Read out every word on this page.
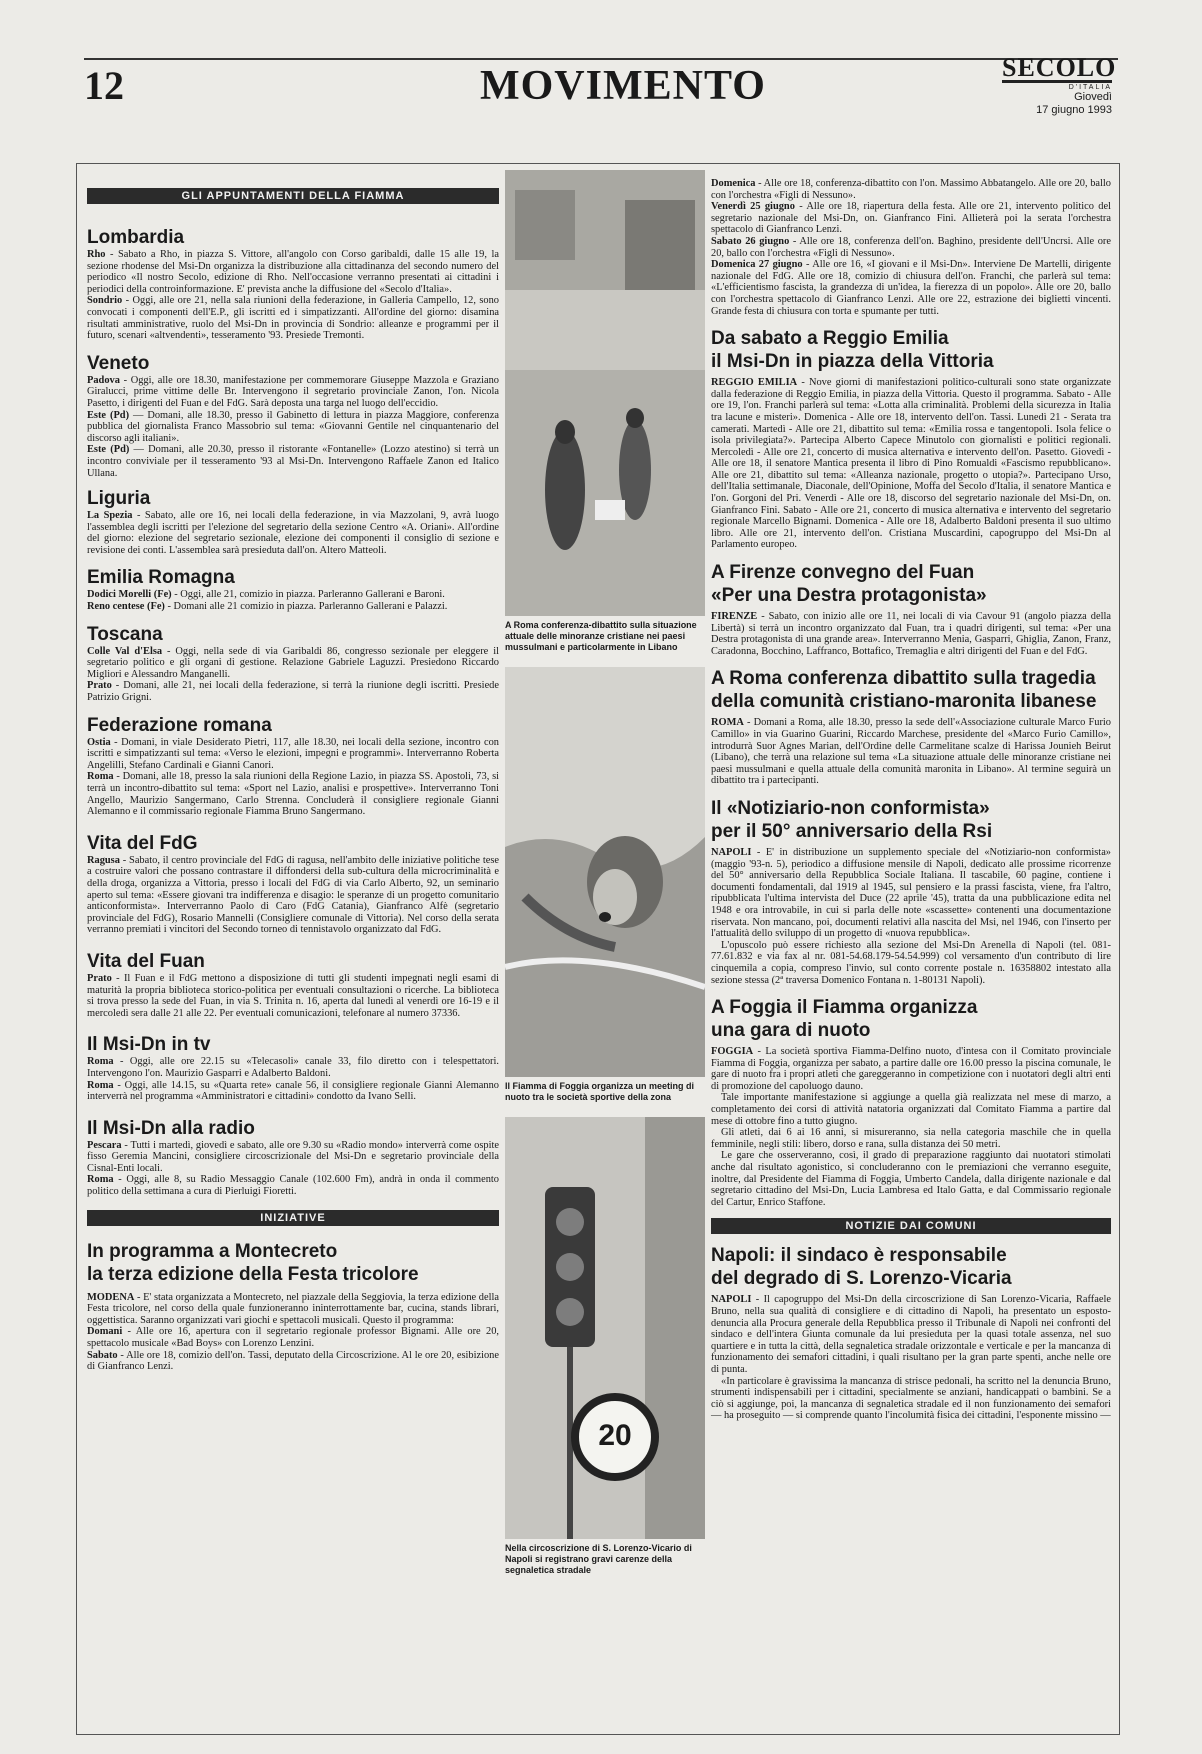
12	MOVIMENTO	SECOLO
D'ITALIA
Giovedì
17 giugno 1993
GLI APPUNTAMENTI DELLA FIAMMA
Lombardia

Rho - Sabato a Rho, in piazza S. Vittore, all'angolo con Corso garibaldi, dalle 15 alle 19, la sezione rhodense del Msi-Dn organizza la distribuzione alla cittadinanza del secondo numero del periodico «Il nostro Secolo, edizione di Rho. Nell'occasione verranno presentati ai cittadini i periodici della controinformazione. E' prevista anche la diffusione del «Secolo d'Italia».

Sondrio - Oggi, alle ore 21, nella sala riunioni della federazione, in Galleria Campello, 12, sono convocati i componenti dell'E.P., gli iscritti ed i simpatizzanti. All'ordine del giorno: disamina risultati amministrative, ruolo del Msi-Dn in provincia di Sondrio: alleanze e programmi per il futuro, scenari «altvendenti», tesseramento '93. Presiede Tremonti.

Veneto

Padova - Oggi, alle ore 18.30, manifestazione per commemorare Giuseppe Mazzola e Graziano Giralucci, prime vittime delle Br. Intervengono il segretario provinciale Zanon, l'on. Nicola Pasetto, i dirigenti del Fuan e del FdG. Sarà deposta una targa nel luogo dell'eccidio.

Este (Pd) — Domani, alle 18.30, presso il Gabinetto di lettura in piazza Maggiore, conferenza pubblica del giornalista Franco Massobrio sul tema: «Giovanni Gentile nel cinquantenario del discorso agli italiani».

Este (Pd) — Domani, alle 20.30, presso il ristorante «Fontanelle» (Lozzo atestino) si terrà un incontro conviviale per il tesseramento '93 al Msi-Dn. Intervengono Raffaele Zanon ed Italico Ullana.

Liguria

La Spezia - Sabato, alle ore 16, nei locali della federazione, in via Mazzolani, 9, avrà luogo l'assemblea degli iscritti per l'elezione del segretario della sezione Centro «A. Oriani». All'ordine del giorno: elezione del segretario sezionale, elezione dei componenti il consiglio di sezione e revisione dei conti. L'assemblea sarà presieduta dall'on. Altero Matteoli.

Emilia Romagna

Dodici Morelli (Fe) - Oggi, alle 21, comizio in piazza. Parleranno Gallerani e Baroni.

Reno centese (Fe) - Domani alle 21 comizio in piazza. Parleranno Gallerani e Palazzi.

Toscana

Colle Val d'Elsa - Oggi, nella sede di via Garibaldi 86, congresso sezionale per eleggere il segretario politico e gli organi di gestione. Relazione Gabriele Laguzzi. Presiedono Riccardo Migliori e Alessandro Manganelli.

Prato - Domani, alle 21, nei locali della federazione, si terrà la riunione degli iscritti. Presiede Patrizio Grigni.

Federazione romana

Ostia - Domani, in viale Desiderato Pietri, 117, alle 18.30, nei locali della sezione, incontro con iscritti e simpatizzanti sul tema: «Verso le elezioni, impegni e programmi». Interverranno Roberta Angelilli, Stefano Cardinali e Gianni Canori.

Roma - Domani, alle 18, presso la sala riunioni della Regione Lazio, in piazza SS. Apostoli, 73, si terrà un incontro-dibattito sul tema: «Sport nel Lazio, analisi e prospettive». Interverranno Toni Angello, Maurizio Sangermano, Carlo Strenna. Concluderà il consigliere regionale Gianni Alemanno e il commissario regionale Fiamma Bruno Sangermano.

Vita del FdG

Ragusa - Sabato, il centro provinciale del FdG di ragusa, nell'ambito delle iniziative politiche tese a costruire valori che possano contrastare il diffondersi della sub-cultura della microcriminalità e della droga, organizza a Vittoria, presso i locali del FdG di via Carlo Alberto, 92, un seminario aperto sul tema: «Essere giovani tra indifferenza e disagio: le speranze di un progetto comunitario anticonformista». Interverranno Paolo di Caro (FdG Catania), Gianfranco Alfè (segretario provinciale del FdG), Rosario Mannelli (Consigliere comunale di Vittoria). Nel corso della serata verranno premiati i vincitori del Secondo torneo di tennistavolo organizzato dal FdG.

Vita del Fuan

Prato - Il Fuan e il FdG mettono a disposizione di tutti gli studenti impegnati negli esami di maturità la propria biblioteca storico-politica per eventuali consultazioni o ricerche. La biblioteca si trova presso la sede del Fuan, in via S. Trinita n. 16, aperta dal lunedì al venerdì ore 16-19 e il mercoledì sera dalle 21 alle 22. Per eventuali comunicazioni, telefonare al numero 37336.

Il Msi-Dn in tv

Roma - Oggi, alle ore 22.15 su «Telecasoli» canale 33, filo diretto con i telespettatori. Intervengono l'on. Maurizio Gasparri e Adalberto Baldoni.

Roma - Oggi, alle 14.15, su «Quarta rete» canale 56, il consigliere regionale Gianni Alemanno interverrà nel programma «Amministratori e cittadini» condotto da Ivano Selli.

Il Msi-Dn alla radio

Pescara - Tutti i martedì, giovedì e sabato, alle ore 9.30 su «Radio mondo» interverrà come ospite fisso Geremia Mancini, consigliere circoscrizionale del Msi-Dn e segretario provinciale della Cisnal-Enti locali.

Roma - Oggi, alle 8, su Radio Messaggio Canale (102.600 Fm), andrà in onda il commento politico della settimana a cura di Pierluigi Fioretti.

INIZIATIVE
In programma a Montecreto
la terza edizione della Festa tricolore

MODENA - E' stata organizzata a Montecreto, nel piazzale della Seggiovia, la terza edizione della Festa tricolore, nel corso della quale funzioneranno ininterrottamente bar, cucina, stands librari, oggettistica. Saranno organizzati vari giochi e spettacoli musicali. Questo il programma:

Domani - Alle ore 16, apertura con il segretario regionale professor Bignami. Alle ore 20, spettacolo musicale «Bad Boys» con Lorenzo Lenzini.

Sabato - Alle ore 18, comizio dell'on. Tassi, deputato della Circoscrizione. Al le ore 20, esibizione di Gianfranco Lenzi.

A Roma conferenza-dibattito sulla situazione attuale delle minoranze cristiane nei paesi mussulmani e particolarmente in Libano
Il Fiamma di Foggia organizza un meeting di nuoto tra le società sportive della zona
20
Nella circoscrizione di S. Lorenzo-Vicario di Napoli si registrano gravi carenze della segnaletica stradale

Domenica - Alle ore 18, conferenza-dibattito con l'on. Massimo Abbatangelo. Alle ore 20, ballo con l'orchestra «Figli di Nessuno».

Venerdì 25 giugno - Alle ore 18, riapertura della festa. Alle ore 21, intervento politico del segretario nazionale del Msi-Dn, on. Gianfranco Fini. Allieterà poi la serata l'orchestra spettacolo di Gianfranco Lenzi.

Sabato 26 giugno - Alle ore 18, conferenza dell'on. Baghino, presidente dell'Uncrsi. Alle ore 20, ballo con l'orchestra «Figli di Nessuno».

Domenica 27 giugno - Alle ore 16, «I giovani e il Msi-Dn». Interviene De Martelli, dirigente nazionale del FdG. Alle ore 18, comizio di chiusura dell'on. Franchi, che parlerà sul tema: «L'efficientismo fascista, la grandezza di un'idea, la fierezza di un popolo». Alle ore 20, ballo con l'orchestra spettacolo di Gianfranco Lenzi. Alle ore 22, estrazione dei biglietti vincenti. Grande festa di chiusura con torta e spumante per tutti.

Da sabato a Reggio Emilia
il Msi-Dn in piazza della Vittoria

REGGIO EMILIA - Nove giorni di manifestazioni politico-culturali sono state organizzate dalla federazione di Reggio Emilia, in piazza della Vittoria. Questo il programma. Sabato - Alle ore 19, l'on. Franchi parlerà sul tema: «Lotta alla criminalità. Problemi della sicurezza in Italia tra lacune e misteri». Domenica - Alle ore 18, intervento dell'on. Tassi. Lunedì 21 - Serata tra camerati. Martedì - Alle ore 21, dibattito sul tema: «Emilia rossa e tangentopoli. Isola felice o isola privilegiata?». Partecipa Alberto Capece Minutolo con giornalisti e politici regionali. Mercoledì - Alle ore 21, concerto di musica alternativa e intervento dell'on. Pasetto. Giovedì - Alle ore 18, il senatore Mantica presenta il libro di Pino Romualdi «Fascismo repubblicano». Alle ore 21, dibattito sul tema: «Alleanza nazionale, progetto o utopia?». Partecipano Urso, dell'Italia settimanale, Diaconale, dell'Opinione, Moffa del Secolo d'Italia, il senatore Mantica e l'on. Gorgoni del Pri. Venerdì - Alle ore 18, discorso del segretario nazionale del Msi-Dn, on. Gianfranco Fini. Sabato - Alle ore 21, concerto di musica alternativa e intervento del segretario regionale Marcello Bignami. Domenica - Alle ore 18, Adalberto Baldoni presenta il suo ultimo libro. Alle ore 21, intervento dell'on. Cristiana Muscardini, capogruppo del Msi-Dn al Parlamento europeo.

A Firenze convegno del Fuan
«Per una Destra protagonista»

FIRENZE - Sabato, con inizio alle ore 11, nei locali di via Cavour 91 (angolo piazza della Libertà) si terrà un incontro organizzato dal Fuan, tra i quadri dirigenti, sul tema: «Per una Destra protagonista di una grande area». Interverranno Menia, Gasparri, Ghiglia, Zanon, Franz, Caradonna, Bocchino, Laffranco, Bottafico, Tremaglia e altri dirigenti del Fuan e del FdG.

A Roma conferenza dibattito sulla tragedia
della comunità cristiano-maronita libanese

ROMA - Domani a Roma, alle 18.30, presso la sede dell'«Associazione culturale Marco Furio Camillo» in via Guarino Guarini, Riccardo Marchese, presidente del «Marco Furio Camillo», introdurrà Suor Agnes Marian, dell'Ordine delle Carmelitane scalze di Harissa Jounieh Beirut (Libano), che terrà una relazione sul tema «La situazione attuale delle minoranze cristiane nei paesi mussulmani e quella attuale della comunità maronita in Libano». Al termine seguirà un dibattito tra i partecipanti.

Il «Notiziario-non conformista»
per il 50° anniversario della Rsi

NAPOLI - E' in distribuzione un supplemento speciale del «Notiziario-non conformista» (maggio '93-n. 5), periodico a diffusione mensile di Napoli, dedicato alle prossime ricorrenze del 50° anniversario della Repubblica Sociale Italiana. Il tascabile, 60 pagine, contiene i documenti fondamentali, dal 1919 al 1945, sul pensiero e la prassi fascista, viene, fra l'altro, ripubblicata l'ultima intervista del Duce (22 aprile '45), tratta da una pubblicazione edita nel 1948 e ora introvabile, in cui si parla delle note «scassette» contenenti una documentazione riservata. Non mancano, poi, documenti relativi alla nascita del Msi, nel 1946, con l'inserto per l'attualità dello sviluppo di un progetto di «nuova repubblica».

L'opuscolo può essere richiesto alla sezione del Msi-Dn Arenella di Napoli (tel. 081-77.61.832 e via fax al nr. 081-54.68.179-54.54.999) col versamento d'un contributo di lire cinquemila a copia, compreso l'invio, sul conto corrente postale n. 16358802 intestato alla sezione stessa (2ª traversa Domenico Fontana n. 1-80131 Napoli).

A Foggia il Fiamma organizza
una gara di nuoto

FOGGIA - La società sportiva Fiamma-Delfino nuoto, d'intesa con il Comitato provinciale Fiamma di Foggia, organizza per sabato, a partire dalle ore 16.00 presso la piscina comunale, le gare di nuoto fra i propri atleti che gareggeranno in competizione con i nuotatori degli altri enti di promozione del capoluogo dauno.

Tale importante manifestazione si aggiunge a quella già realizzata nel mese di marzo, a completamento dei corsi di attività natatoria organizzati dal Comitato Fiamma a partire dal mese di ottobre fino a tutto giugno.

Gli atleti, dai 6 ai 16 anni, si misureranno, sia nella categoria maschile che in quella femminile, negli stili: libero, dorso e rana, sulla distanza dei 50 metri.

Le gare che osserveranno, così, il grado di preparazione raggiunto dai nuotatori stimolati anche dal risultato agonistico, si concluderanno con le premiazioni che verranno eseguite, inoltre, dal Presidente del Fiamma di Foggia, Umberto Candela, dalla dirigente nazionale e dal segretario cittadino del Msi-Dn, Lucia Lambresa ed Italo Gatta, e dal Commissario regionale del Cartur, Enrico Staffone.

NOTIZIE DAI COMUNI
Napoli: il sindaco è responsabile
del degrado di S. Lorenzo-Vicaria

NAPOLI - Il capogruppo del Msi-Dn della circoscrizione di San Lorenzo-Vicaria, Raffaele Bruno, nella sua qualità di consigliere e di cittadino di Napoli, ha presentato un esposto-denuncia alla Procura generale della Repubblica presso il Tribunale di Napoli nei confronti del sindaco e dell'intera Giunta comunale da lui presieduta per la quasi totale assenza, nel suo quartiere e in tutta la città, della segnaletica stradale orizzontale e verticale e per la mancanza di funzionamento dei semafori cittadini, i quali risultano per la gran parte spenti, anche nelle ore di punta.

«In particolare è gravissima la mancanza di strisce pedonali, ha scritto nel la denuncia Bruno, strumenti indispensabili per i cittadini, specialmente se anziani, handicappati o bambini. Se a ciò si aggiunge, poi, la mancanza di segnaletica stradale ed il non funzionamento dei semafori — ha proseguito — si comprende quanto l'incolumità fisica dei cittadini, l'esponente missino —
